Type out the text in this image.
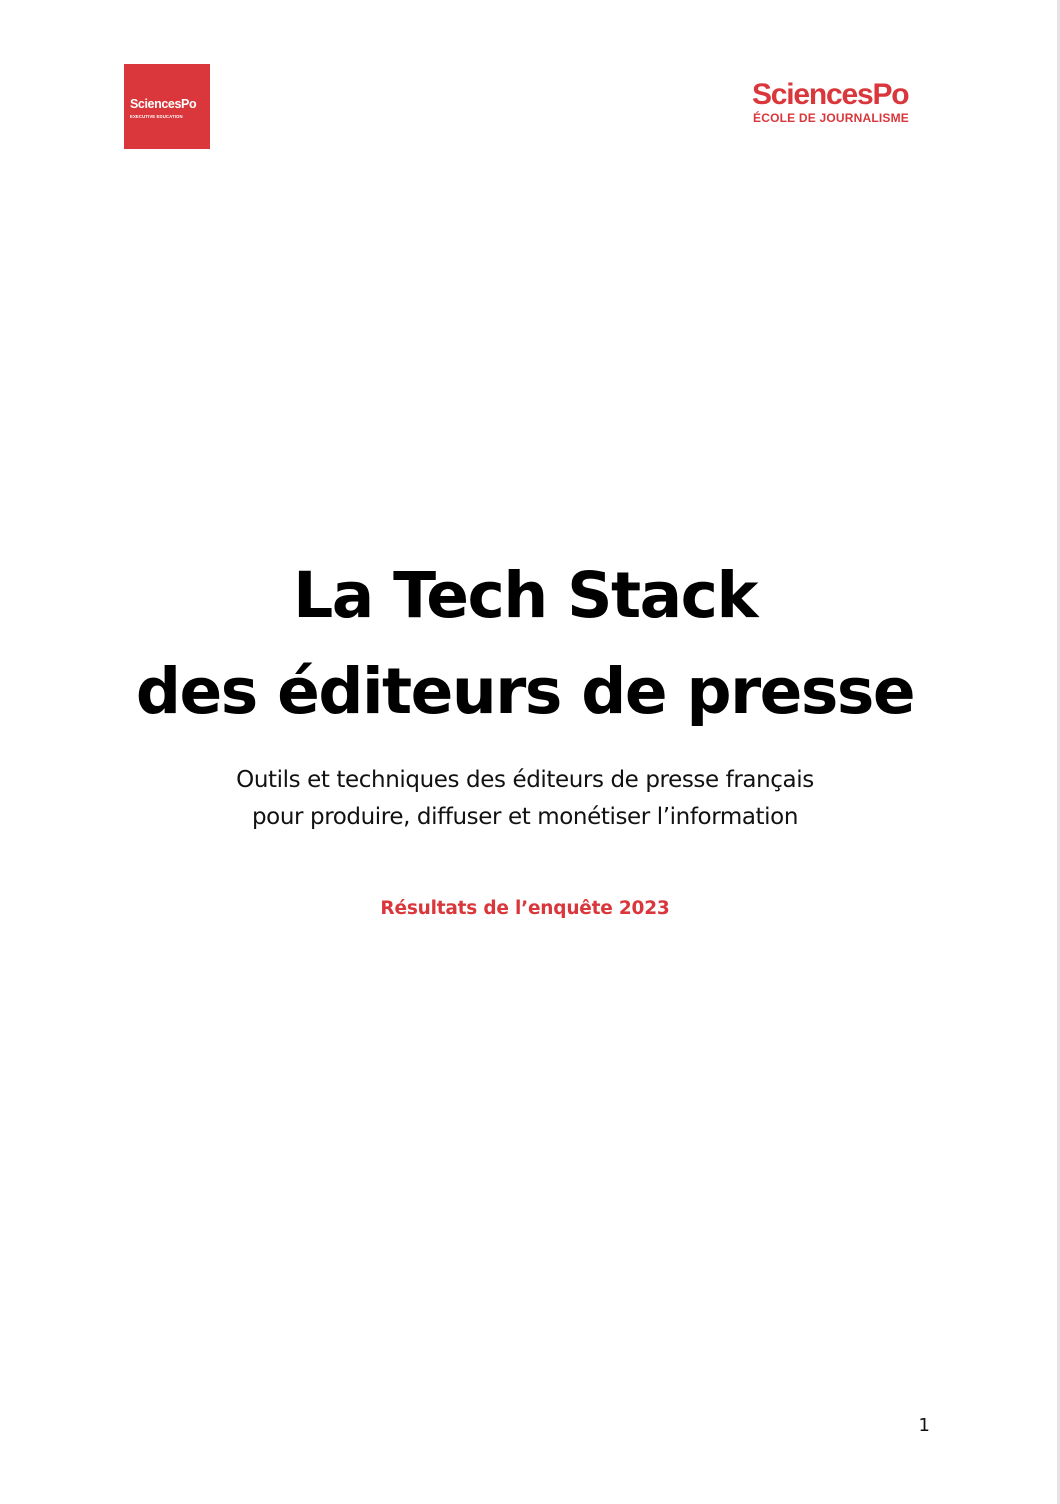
SciencesPo
EXECUTIVE EDUCATION
SciencesPo
ÉCOLE DE JOURNALISME
La Tech Stack
des éditeurs de presse
Outils et techniques des éditeurs de presse français
pour produire, diffuser et monétiser l’information
Résultats de l’enquête 2023
1
